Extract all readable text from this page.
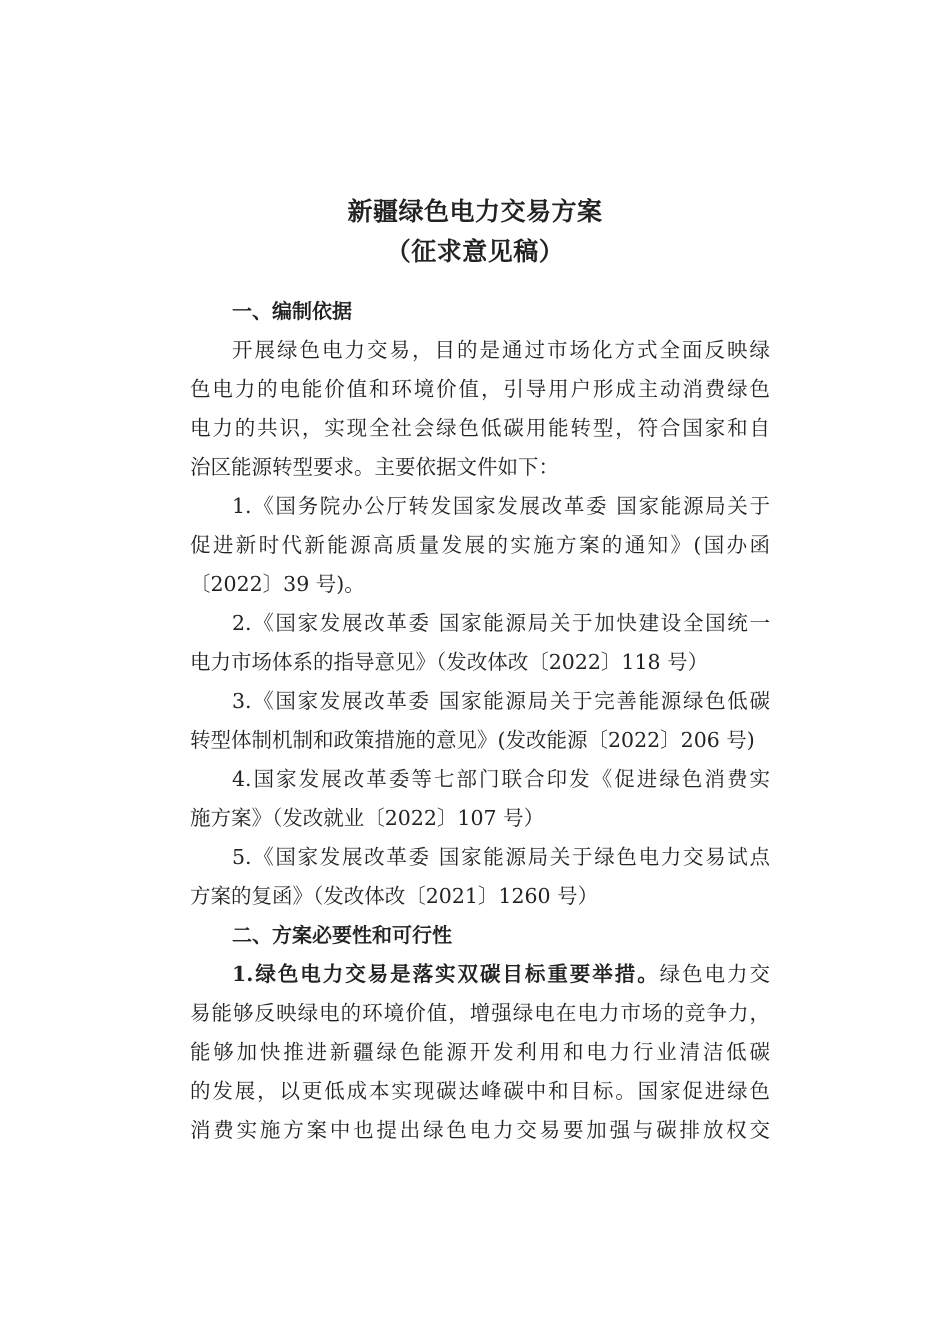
新疆绿色电力交易方案
（征求意见稿）
一、编制依据
开展绿色电力交易，目的是通过市场化方式全面反映绿
色电力的电能价值和环境价值，引导用户形成主动消费绿色
电力的共识，实现全社会绿色低碳用能转型，符合国家和自
治区能源转型要求。主要依据文件如下：
1.《国务院办公厅转发国家发展改革委 国家能源局关于
促进新时代新能源高质量发展的实施方案的通知》(国办函
〔2022〕39 号)。
2.《国家发展改革委 国家能源局关于加快建设全国统一
电力市场体系的指导意见》（发改体改〔2022〕118 号）
3.《国家发展改革委 国家能源局关于完善能源绿色低碳
转型体制机制和政策措施的意见》(发改能源〔2022〕206 号)
4.国家发展改革委等七部门联合印发《促进绿色消费实
施方案》（发改就业〔2022〕107 号）
5.《国家发展改革委 国家能源局关于绿色电力交易试点
方案的复函》（发改体改〔2021〕1260 号）
二、方案必要性和可行性
1.绿色电力交易是落实双碳目标重要举措。绿色电力交
易能够反映绿电的环境价值，增强绿电在电力市场的竞争力，
能够加快推进新疆绿色能源开发利用和电力行业清洁低碳
的发展，以更低成本实现碳达峰碳中和目标。国家促进绿色
消费实施方案中也提出绿色电力交易要加强与碳排放权交
